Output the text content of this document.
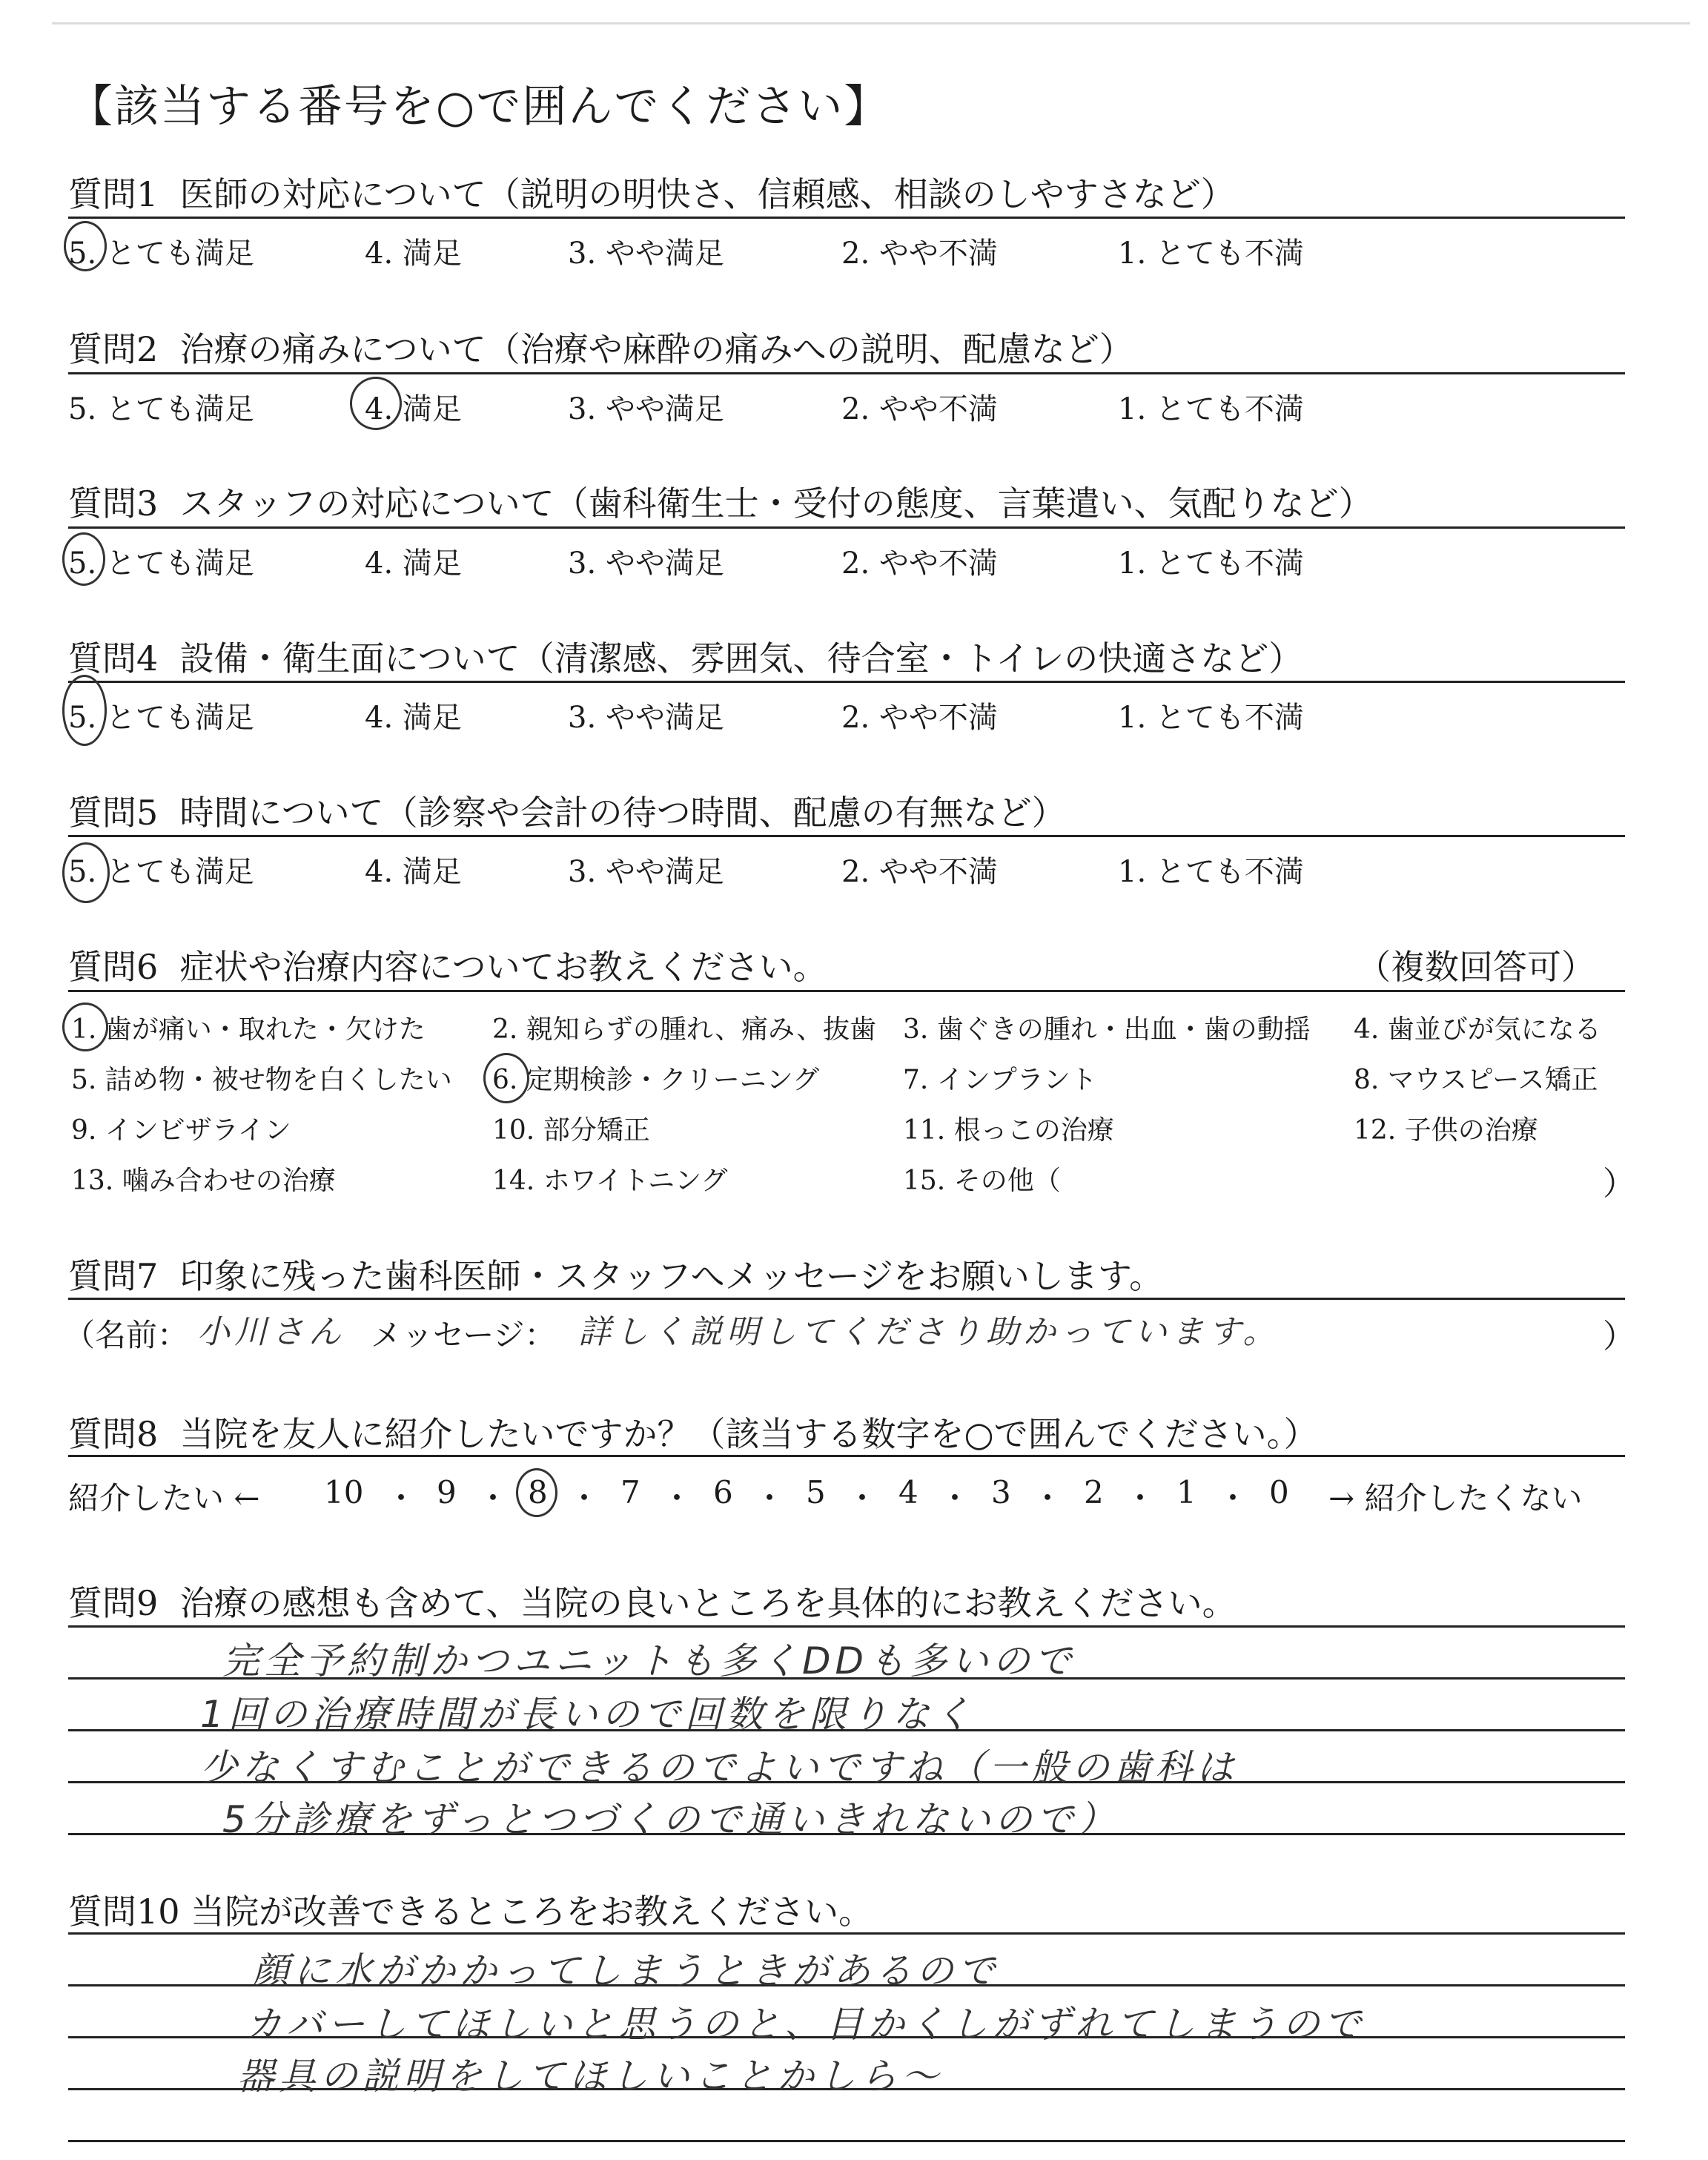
【該当する番号を○で囲んでください】
質問1 医師の対応について（説明の明快さ、信頼感、相談のしやすさなど）
5. とても満足	4. 満足	3. やや満足	2. やや不満	1. とても不満
質問2 治療の痛みについて（治療や麻酔の痛みへの説明、配慮など）
5. とても満足	4. 満足	3. やや満足	2. やや不満	1. とても不満
質問3 スタッフの対応について（歯科衛生士・受付の態度、言葉遣い、気配りなど）
5. とても満足	4. 満足	3. やや満足	2. やや不満	1. とても不満
質問4 設備・衛生面について（清潔感、雰囲気、待合室・トイレの快適さなど）
5. とても満足	4. 満足	3. やや満足	2. やや不満	1. とても不満
質問5 時間について（診察や会計の待つ時間、配慮の有無など）
5. とても満足	4. 満足	3. やや満足	2. やや不満	1. とても不満
質問6 症状や治療内容についてお教えください。	（複数回答可）
1. 歯が痛い・取れた・欠けた	2. 親知らずの腫れ、痛み、抜歯 3. 歯ぐきの腫れ・出血・歯の動揺 4. 歯並びが気になる
5. 詰め物・被せ物を白くしたい 6. 定期検診・クリーニング	7. インプラント	8. マウスピース矯正
9. インビザライン	10. 部分矯正	11. 根っこの治療	12. 子供の治療
13. 噛み合わせの治療	14. ホワイトニング	15. その他（	）
質問7 印象に残った歯科医師・スタッフへメッセージをお願いします。
（名前： 小川さん メッセージ： 詳しく説明してくださり助かっています。	）
質問8 当院を友人に紹介したいですか？（該当する数字を○で囲んでください。）
紹介したい ← 10 ・ 9 ・ 8 ・ 7 ・ 6 ・ 5 ・ 4 ・ 3 ・ 2 ・ 1 ・ 0 → 紹介したくない
質問9 治療の感想も含めて、当院の良いところを具体的にお教えください。
完全予約制かつユニットも多くDDも多いので
1回の治療時間が長いので回数を限りなく
少なくすむことができるのでよいですね（一般の歯科は
5分診療をずっとつづくので通いきれないので）
質問10 当院が改善できるところをお教えください。
顔に水がかかってしまうときがあるので
カバーしてほしいと思うのと、目かくしがずれてしまうので
器具の説明をしてほしいことかしら〜
